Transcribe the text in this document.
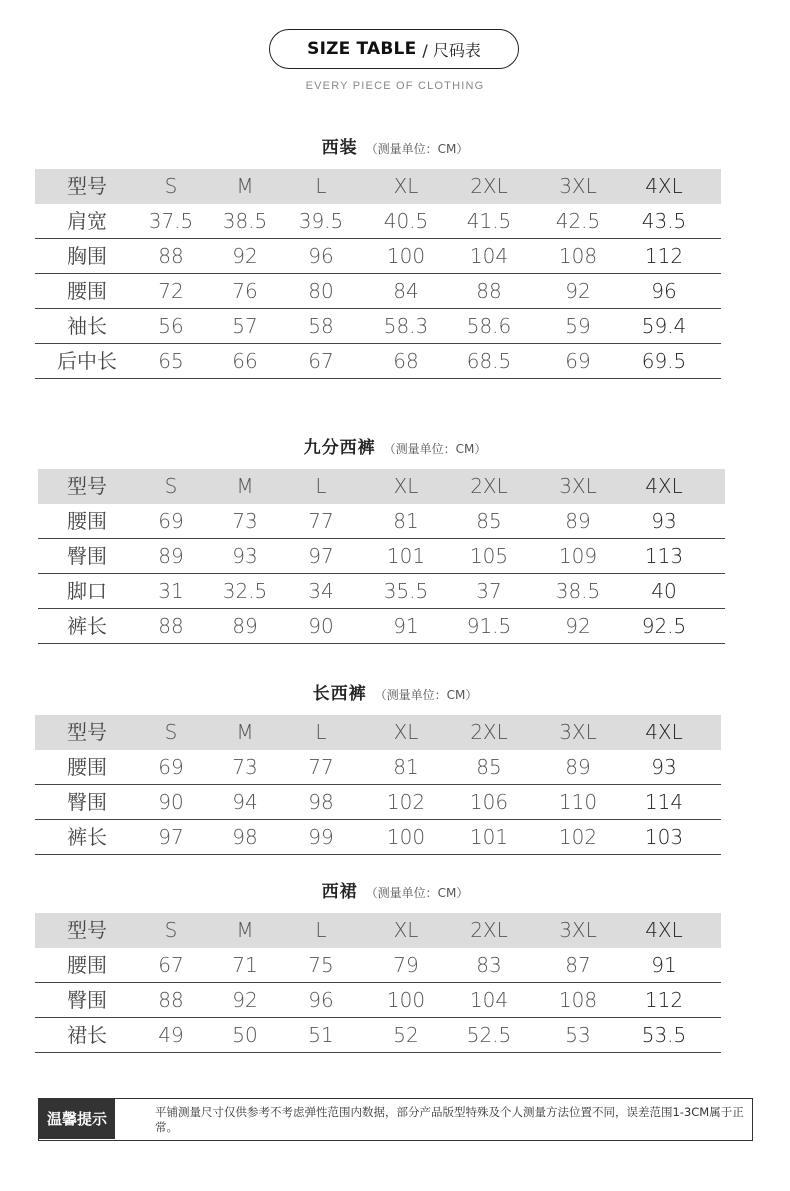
SIZE TABLE / 尺码表
EVERY PIECE OF CLOTHING
西装 （测量单位：CM）
型号	S	M	L	XL	2XL	3XL	4XL
肩宽	37.5	38.5	39.5	40.5	41.5	42.5	43.5
胸围	88	92	96	100	104	108	112
腰围	72	76	80	84	88	92	96
袖长	56	57	58	58.3	58.6	59	59.4
后中长	65	66	67	68	68.5	69	69.5
九分西裤 （测量单位：CM）
型号	S	M	L	XL	2XL	3XL	4XL
腰围	69	73	77	81	85	89	93
臀围	89	93	97	101	105	109	113
脚口	31	32.5	34	35.5	37	38.5	40
裤长	88	89	90	91	91.5	92	92.5
长西裤 （测量单位：CM）
型号	S	M	L	XL	2XL	3XL	4XL
腰围	69	73	77	81	85	89	93
臀围	90	94	98	102	106	110	114
裤长	97	98	99	100	101	102	103
西裙 （测量单位：CM）
型号	S	M	L	XL	2XL	3XL	4XL
腰围	67	71	75	79	83	87	91
臀围	88	92	96	100	104	108	112
裙长	49	50	51	52	52.5	53	53.5
温馨提示	平铺测量尺寸仅供参考不考虑弹性范围内数据，部分产品版型特殊及个人测量方法位置不同，误差范围1-3CM属于正常。
